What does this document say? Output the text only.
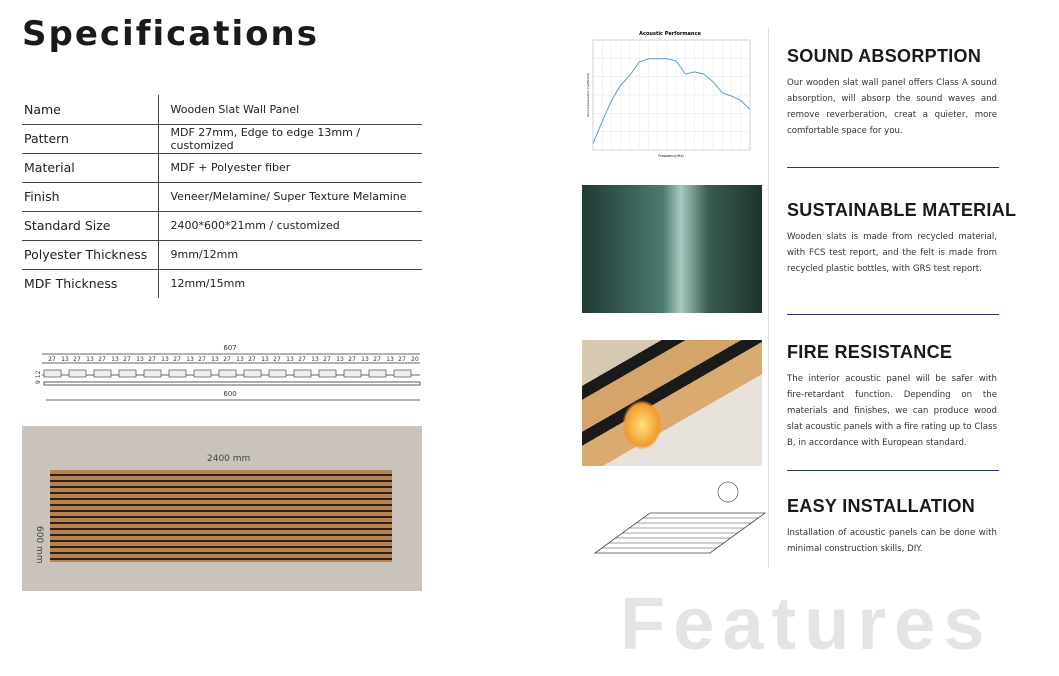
Specifications
Name	Wooden Slat Wall Panel
Pattern	MDF 27mm, Edge to edge 13mm / customized
Material	MDF + Polyester fiber
Finish	Veneer/Melamine/ Super Texture Melamine
Standard Size	2400*600*21mm / customized
Polyester Thickness	9mm/12mm
MDF Thickness	12mm/15mm
607
600
9 12
27 13 27 13 27 13 27 13 27 13 27 13 27 13 27 13 27 13 27 13 27 13 27 13 27 13 27 13 27 20
2400 mm
600 mm
Acoustic Performance
Frequency(Hz)
Sound Absorption Coefficient
SOUND ABSORPTION

Our wooden slat wall panel offers Class A sound absorption, will absorp the sound waves and remove reverberation, creat a quieter, more comfortable space for you.

SUSTAINABLE MATERIAL

Wooden slats is made from recycled material, with FCS test report, and the felt is made from recycled plastic bottles, with GRS test report.

FIRE RESISTANCE

The interior acoustic panel will be safer with fire-retardant function. Depending on the materials and finishes, we can produce wood slat acoustic panels with a fire rating up to Class B, in accordance with European standard.

EASY INSTALLATION

Installation of acoustic panels can be done with minimal construction skills, DIY.

Features
